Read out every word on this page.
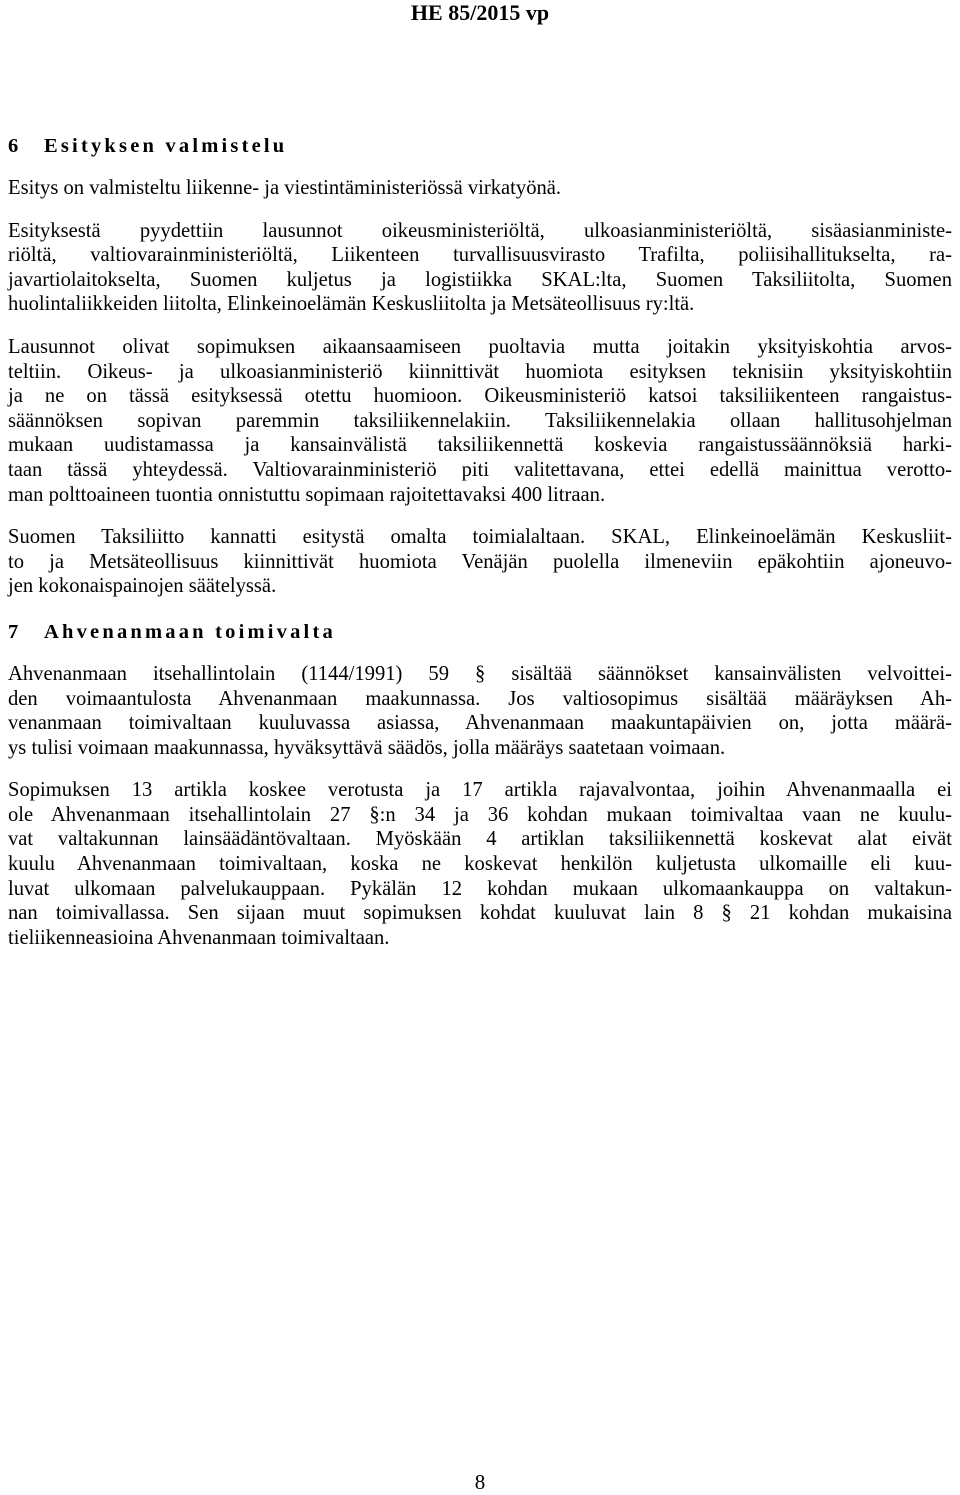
HE 85/2015 vp
6 Esityksen valmistelu
Esitys on valmisteltu liikenne- ja viestintäministeriössä virkatyönä.
Esityksestä pyydettiin lausunnot oikeusministeriöltä, ulkoasianministeriöltä, sisäasianministe-
riöltä, valtiovarainministeriöltä, Liikenteen turvallisuusvirasto Trafilta, poliisihallitukselta, ra-
javartiolaitokselta, Suomen kuljetus ja logistiikka SKAL:lta, Suomen Taksiliitolta, Suomen
huolintaliikkeiden liitolta, Elinkeinoelämän Keskusliitolta ja Metsäteollisuus ry:ltä.
Lausunnot olivat sopimuksen aikaansaamiseen puoltavia mutta joitakin yksityiskohtia arvos-
teltiin. Oikeus- ja ulkoasianministeriö kiinnittivät huomiota esityksen teknisiin yksityiskohtiin
ja ne on tässä esityksessä otettu huomioon. Oikeusministeriö katsoi taksiliikenteen rangaistus-
säännöksen sopivan paremmin taksiliikennelakiin. Taksiliikennelakia ollaan hallitusohjelman
mukaan uudistamassa ja kansainvälistä taksiliikennettä koskevia rangaistussäännöksiä harki-
taan tässä yhteydessä. Valtiovarainministeriö piti valitettavana, ettei edellä mainittua verotto-
man polttoaineen tuontia onnistuttu sopimaan rajoitettavaksi 400 litraan.
Suomen Taksiliitto kannatti esitystä omalta toimialaltaan. SKAL, Elinkeinoelämän Keskusliit-
to ja Metsäteollisuus kiinnittivät huomiota Venäjän puolella ilmeneviin epäkohtiin ajoneuvo-
jen kokonaispainojen säätelyssä.
7 Ahvenanmaan toimivalta
Ahvenanmaan itsehallintolain (1144/1991) 59 § sisältää säännökset kansainvälisten velvoittei-
den voimaantulosta Ahvenanmaan maakunnassa. Jos valtiosopimus sisältää määräyksen Ah-
venanmaan toimivaltaan kuuluvassa asiassa, Ahvenanmaan maakuntapäivien on, jotta määrä-
ys tulisi voimaan maakunnassa, hyväksyttävä säädös, jolla määräys saatetaan voimaan.
Sopimuksen 13 artikla koskee verotusta ja 17 artikla rajavalvontaa, joihin Ahvenanmaalla ei
ole Ahvenanmaan itsehallintolain 27 §:n 34 ja 36 kohdan mukaan toimivaltaa vaan ne kuulu-
vat valtakunnan lainsäädäntövaltaan. Myöskään 4 artiklan taksiliikennettä koskevat alat eivät
kuulu Ahvenanmaan toimivaltaan, koska ne koskevat henkilön kuljetusta ulkomaille eli kuu-
luvat ulkomaan palvelukauppaan. Pykälän 12 kohdan mukaan ulkomaankauppa on valtakun-
nan toimivallassa. Sen sijaan muut sopimuksen kohdat kuuluvat lain 8 § 21 kohdan mukaisina
tieliikenneasioina Ahvenanmaan toimivaltaan.
8
